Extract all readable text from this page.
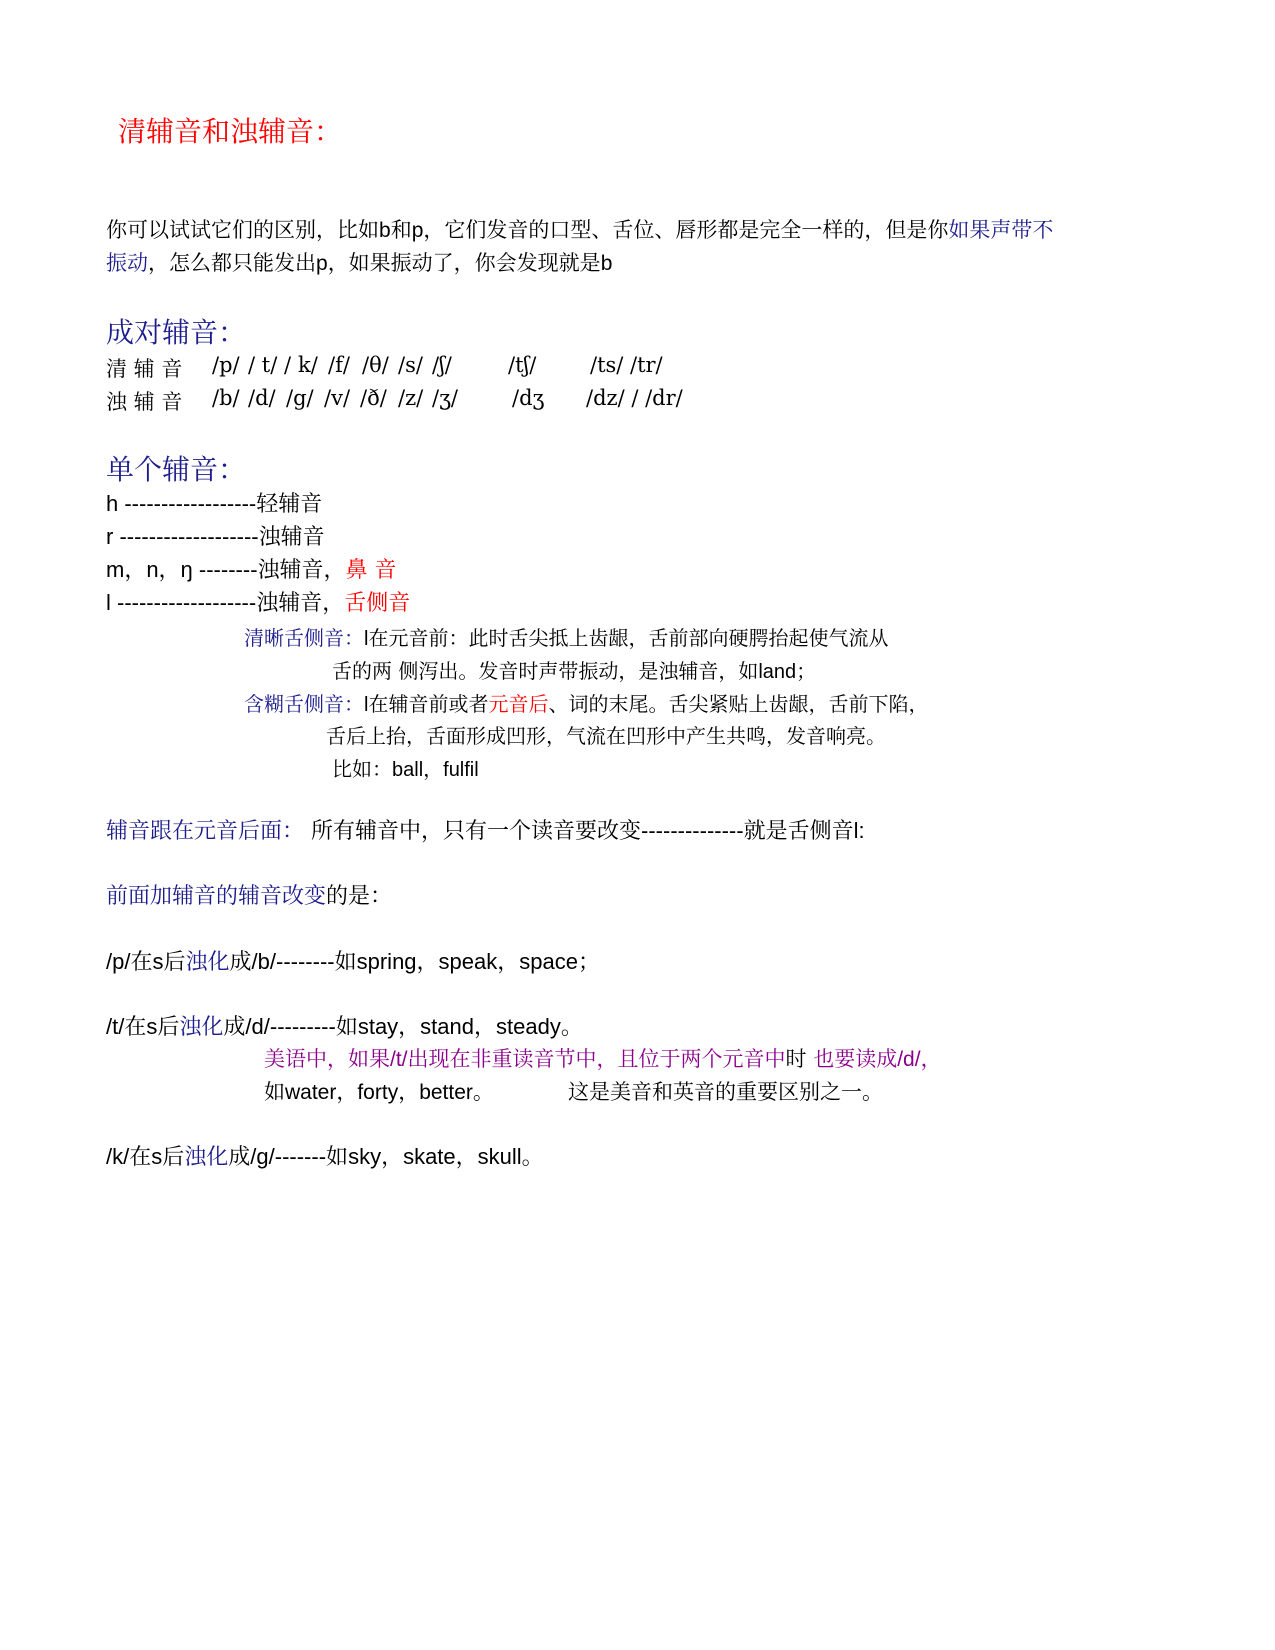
清辅音和浊辅音：
你可以试试它们的区别，比如b和p，它们发音的口型、舌位、唇形都是完全一样的，但是你如果声带不
振动，怎么都只能发出p，如果振动了，你会发现就是b
成对辅音：
清 辅 音 /p/ / t/ / k/ /f/ /θ/ /s/ /ʃ/	/tʃ/	/ts/ /tr/
浊 辅 音 /b/ /d/ /g/ /v/ /ð/ /z/ /ʒ/	/dʒ /dz/ / /dr/
单个辅音：
h ------------------轻辅音
r -------------------浊辅音
m，n，ŋ --------浊辅音，鼻 音
l -------------------浊辅音，舌侧音
清晰舌侧音：l在元音前：此时舌尖抵上齿龈，舌前部向硬腭抬起使气流从
舌的两 侧泻出。发音时声带振动，是浊辅音，如land；
含糊舌侧音：l在辅音前或者元音后、词的末尾。舌尖紧贴上齿龈，舌前下陷，
舌后上抬，舌面形成凹形，气流在凹形中产生共鸣，发音响亮。
比如：ball，fulfil
辅音跟在元音后面： 所有辅音中，只有一个读音要改变--------------就是舌侧音l:
前面加辅音的辅音改变的是：
/p/在s后浊化成/b/--------如spring，speak，space；
/t/在s后浊化成/d/---------如stay，stand，steady。
美语中，如果/t/出现在非重读音节中，且位于两个元音中时 也要读成/d/，
如water，forty，better。	这是美音和英音的重要区别之一。
/k/在s后浊化成/g/-------如sky，skate，skull。
